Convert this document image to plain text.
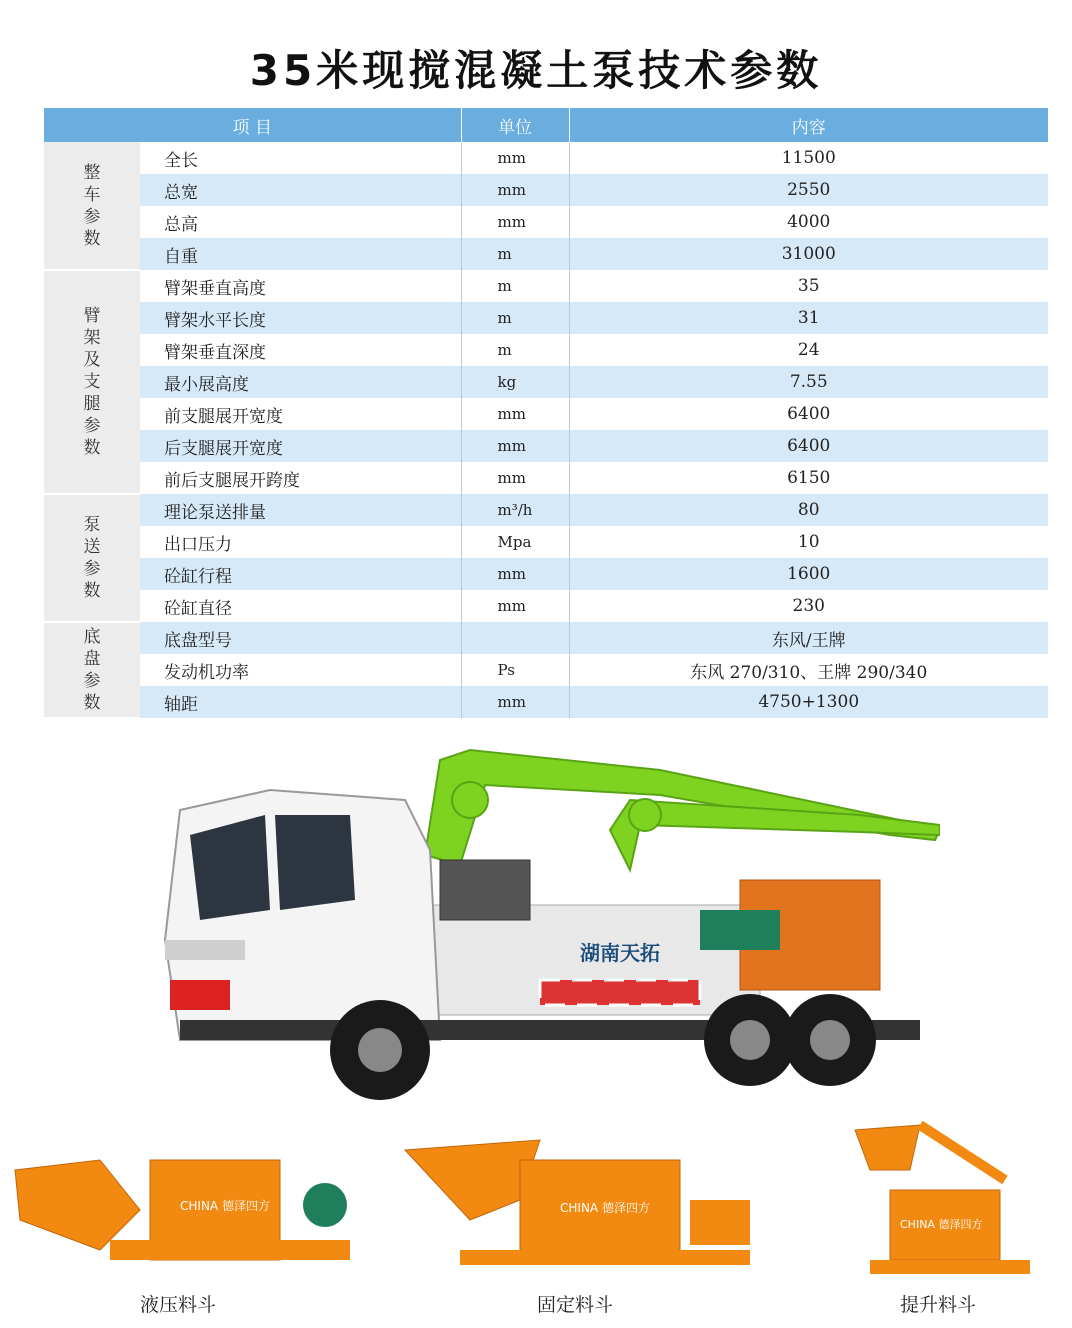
35米现搅混凝土泵技术参数
项 目		单位	内容
整车参数	全长	mm	11500
	总宽	mm	2550
	总高	mm	4000
	自重	m	31000
臂架及支腿参数	臂架垂直高度	m	35
	臂架水平长度	m	31
	臂架垂直深度	m	24
	最小展高度	kg	7.55
	前支腿展开宽度	mm	6400
	后支腿展开宽度	mm	6400
	前后支腿展开跨度	mm	6150
泵送参数	理论泵送排量	m³/h	80
	出口压力	Mpa	10
	砼缸行程	mm	1600
	砼缸直径	mm	230
底盘参数	底盘型号		东风/王牌
	发动机功率	Ps	东风 270/310、王牌 290/340
	轴距	mm	4750+1300
湖南天拓
CHINA 德泽四方	CHINA 德泽四方
CHINA 德泽四方
液压料斗	固定料斗	提升料斗
